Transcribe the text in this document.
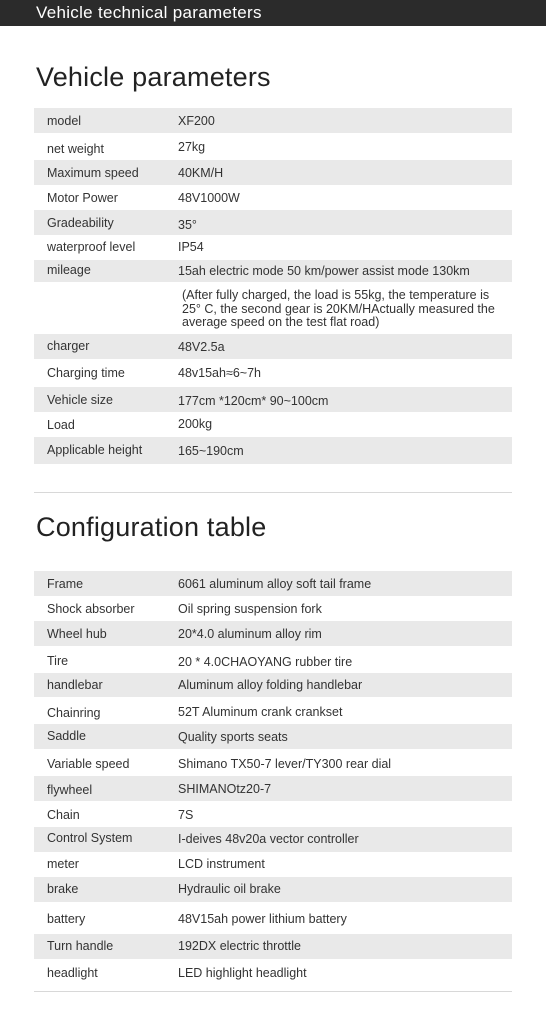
Vehicle technical parameters
Vehicle parameters
model	XF200
net weight	27kg
Maximum speed	40KM/H
Motor Power	48V1000W
Gradeability	35°
waterproof level	IP54
mileage	15ah electric mode 50 km/power assist mode 130km
(After fully charged, the load is 55kg, the temperature is 25° C, the second gear is 20KM/HActually measured the average speed on the test flat road)
charger	48V2.5a
Charging time	48v15ah≈6~7h
Vehicle size	177cm *120cm* 90~100cm
Load	200kg
Applicable height	165~190cm
Configuration table
Frame	6061 aluminum alloy soft tail frame
Shock absorber	Oil spring suspension fork
Wheel hub	20*4.0 aluminum alloy rim
Tire	20 * 4.0CHAOYANG rubber tire
handlebar	Aluminum alloy folding handlebar
Chainring	52T Aluminum crank crankset
Saddle	Quality sports seats
Variable speed	Shimano TX50-7 lever/TY300 rear dial
flywheel	SHIMANOtz20-7
Chain	7S
Control System	I-deives 48v20a vector controller
meter	LCD instrument
brake	Hydraulic oil brake
battery	48V15ah power lithium battery
Turn handle	192DX electric throttle
headlight	LED highlight headlight
